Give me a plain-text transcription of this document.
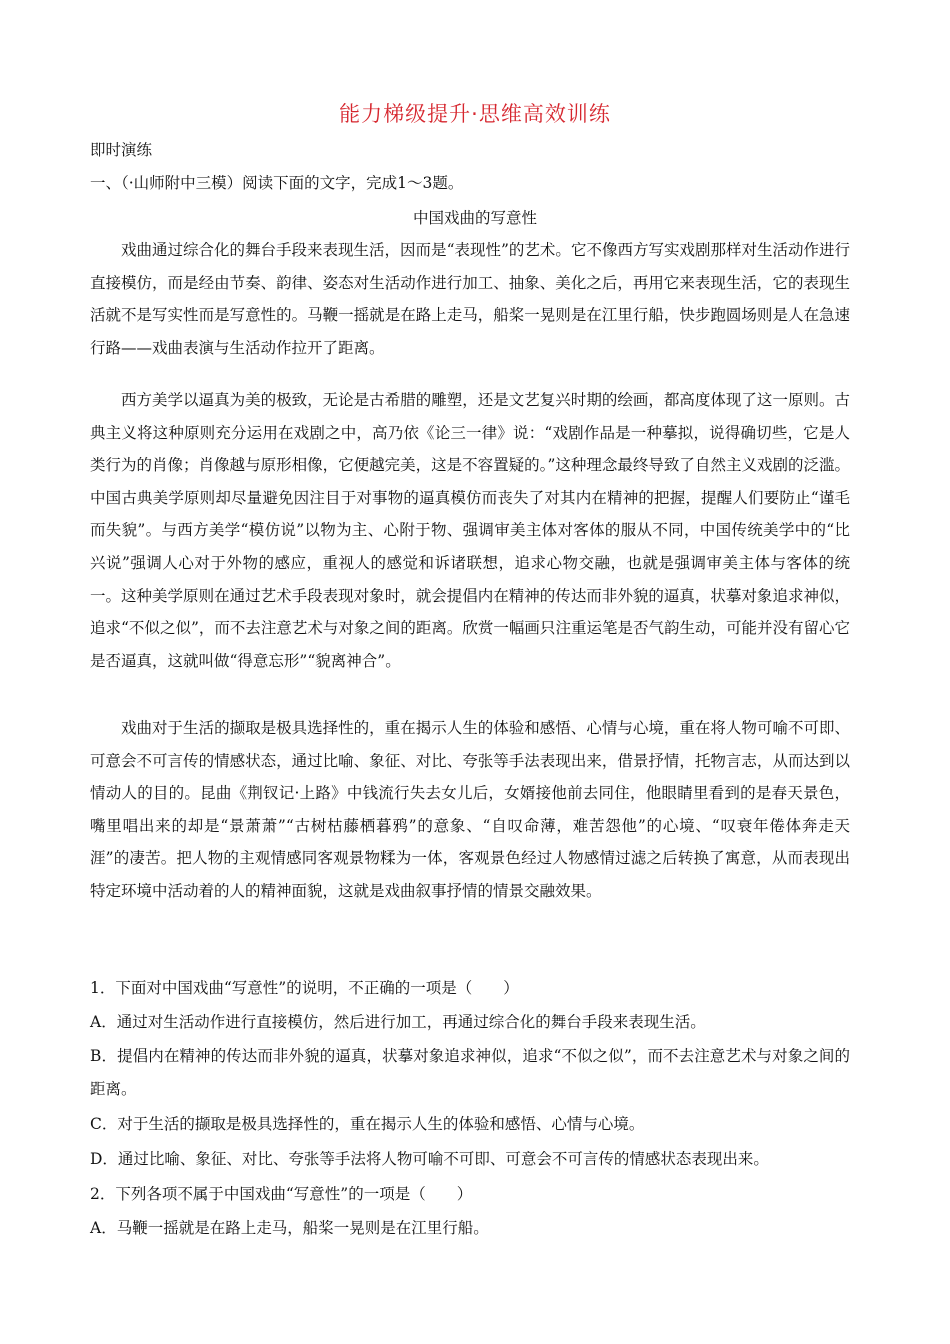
能力梯级提升·思维高效训练
即时演练
一、（·山师附中三模）阅读下面的文字，完成1～3题。
中国戏曲的写意性
戏曲通过综合化的舞台手段来表现生活，因而是“表现性”的艺术。它不像西方写实戏剧那样对生活动作进行直接模仿，而是经由节奏、韵律、姿态对生活动作进行加工、抽象、美化之后，再用它来表现生活，它的表现生活就不是写实性而是写意性的。马鞭一摇就是在路上走马，船桨一晃则是在江里行船，快步跑圆场则是人在急速行路——戏曲表演与生活动作拉开了距离。
西方美学以逼真为美的极致，无论是古希腊的雕塑，还是文艺复兴时期的绘画，都高度体现了这一原则。古典主义将这种原则充分运用在戏剧之中，高乃依《论三一律》说：“戏剧作品是一种摹拟，说得确切些，它是人类行为的肖像；肖像越与原形相像，它便越完美，这是不容置疑的。”这种理念最终导致了自然主义戏剧的泛滥。中国古典美学原则却尽量避免因注目于对事物的逼真模仿而丧失了对其内在精神的把握，提醒人们要防止“谨毛而失貌”。与西方美学“模仿说”以物为主、心附于物、强调审美主体对客体的服从不同，中国传统美学中的“比兴说”强调人心对于外物的感应，重视人的感觉和诉诸联想，追求心物交融，也就是强调审美主体与客体的统一。这种美学原则在通过艺术手段表现对象时，就会提倡内在精神的传达而非外貌的逼真，状摹对象追求神似，追求“不似之似”，而不去注意艺术与对象之间的距离。欣赏一幅画只注重运笔是否气韵生动，可能并没有留心它是否逼真，这就叫做“得意忘形”“貌离神合”。
戏曲对于生活的撷取是极具选择性的，重在揭示人生的体验和感悟、心情与心境，重在将人物可喻不可即、可意会不可言传的情感状态，通过比喻、象征、对比、夸张等手法表现出来，借景抒情，托物言志，从而达到以情动人的目的。昆曲《荆钗记·上路》中钱流行失去女儿后，女婿接他前去同住，他眼睛里看到的是春天景色，嘴里唱出来的却是“景萧萧”“古树枯藤栖暮鸦”的意象、“自叹命薄，难苦怨他”的心境、“叹衰年倦体奔走天涯”的凄苦。把人物的主观情感同客观景物糅为一体，客观景色经过人物感情过滤之后转换了寓意，从而表现出特定环境中活动着的人的精神面貌，这就是戏曲叙事抒情的情景交融效果。
1．下面对中国戏曲“写意性”的说明，不正确的一项是（　　）
A．通过对生活动作进行直接模仿，然后进行加工，再通过综合化的舞台手段来表现生活。
B．提倡内在精神的传达而非外貌的逼真，状摹对象追求神似，追求“不似之似”，而不去注意艺术与对象之间的距离。
C．对于生活的撷取是极具选择性的，重在揭示人生的体验和感悟、心情与心境。
D．通过比喻、象征、对比、夸张等手法将人物可喻不可即、可意会不可言传的情感状态表现出来。
2．下列各项不属于中国戏曲“写意性”的一项是（　　）
A．马鞭一摇就是在路上走马，船桨一晃则是在江里行船。
